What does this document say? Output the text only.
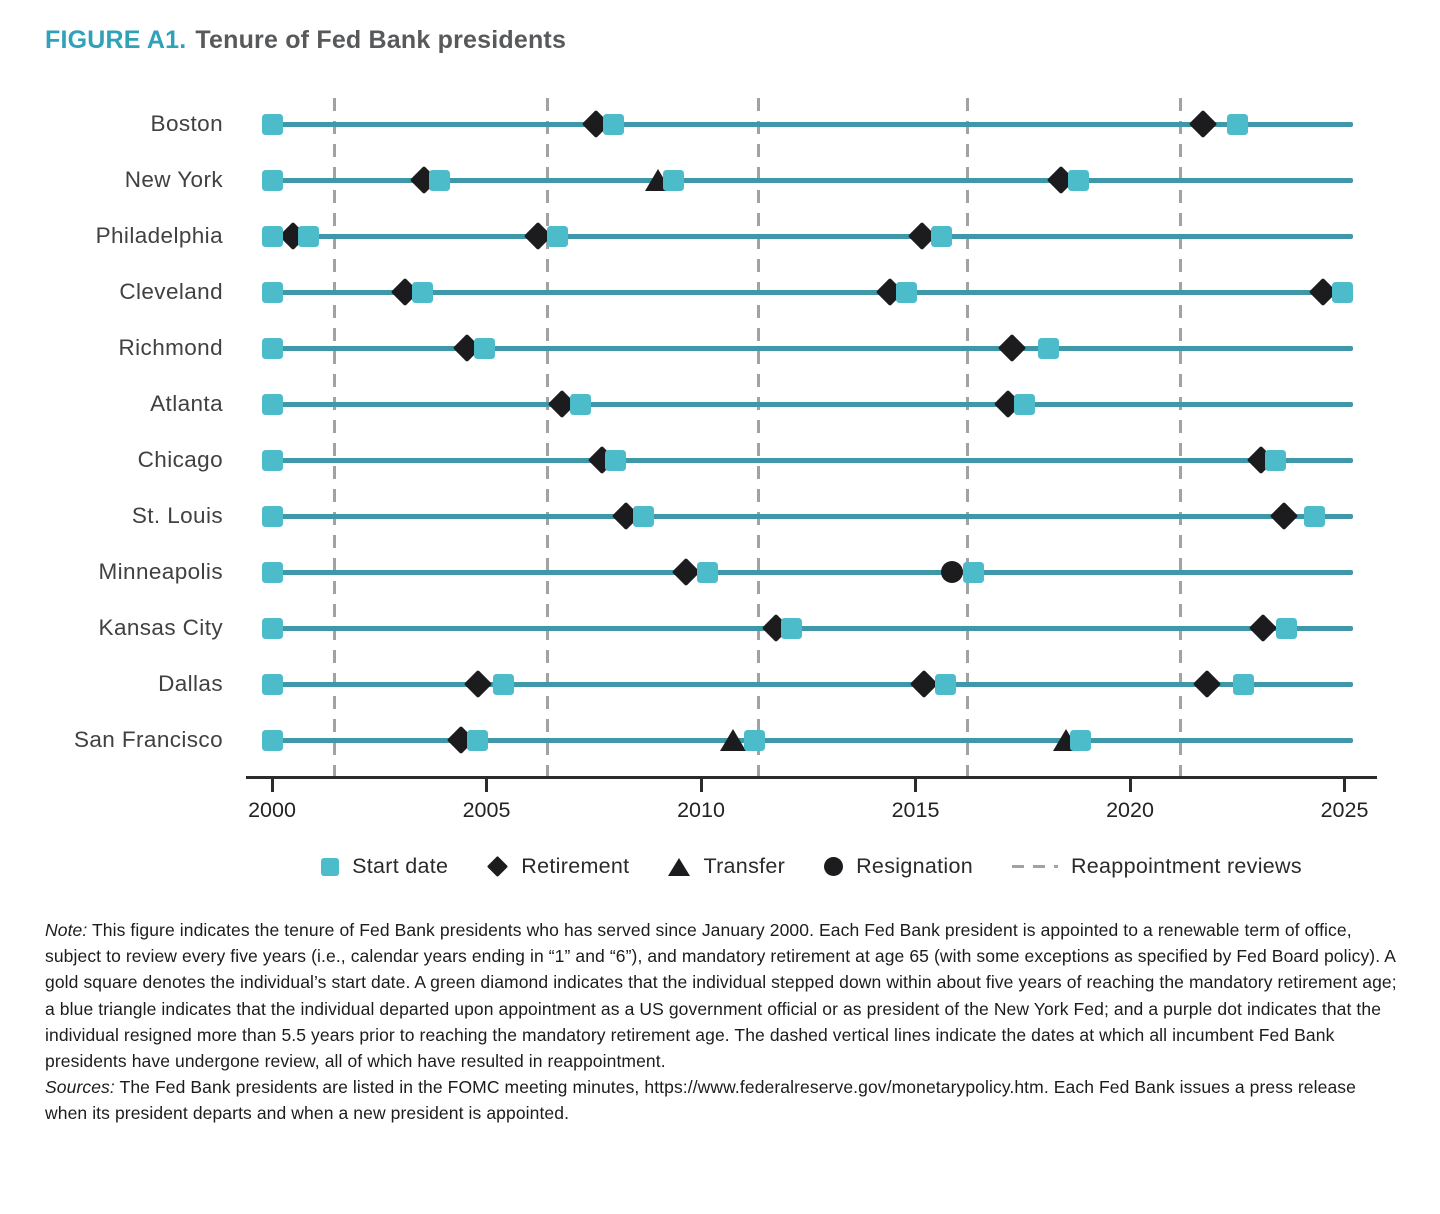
FIGURE A1. Tenure of Fed Bank presidents
Boston
New York
Philadelphia
Cleveland
Richmond
Atlanta
Chicago
St. Louis
Minneapolis
Kansas City
Dallas
San Francisco
2000	2005	2010	2015	2020	2025
Start date	Retirement	Transfer	Resignation	Reappointment reviews

Note: This figure indicates the tenure of Fed Bank presidents who has served since January 2000. Each Fed Bank president is appointed to a renewable term of office, subject to review every five years (i.e., calendar years ending in “1” and “6”), and mandatory retirement at age 65 (with some exceptions as specified by Fed Board policy). A gold square denotes the individual’s start date. A green diamond indicates that the individual stepped down within about five years of reaching the mandatory retirement age; a blue triangle indicates that the individual departed upon appointment as a US government official or as president of the New York Fed; and a purple dot indicates that the individual resigned more than 5.5 years prior to reaching the mandatory retirement age. The dashed vertical lines indicate the dates at which all incumbent Fed Bank presidents have undergone review, all of which have resulted in reappointment.

Sources: The Fed Bank presidents are listed in the FOMC meeting minutes, https://www.federalreserve.gov/monetarypolicy.htm. Each Fed Bank issues a press release when its president departs and when a new president is appointed.
